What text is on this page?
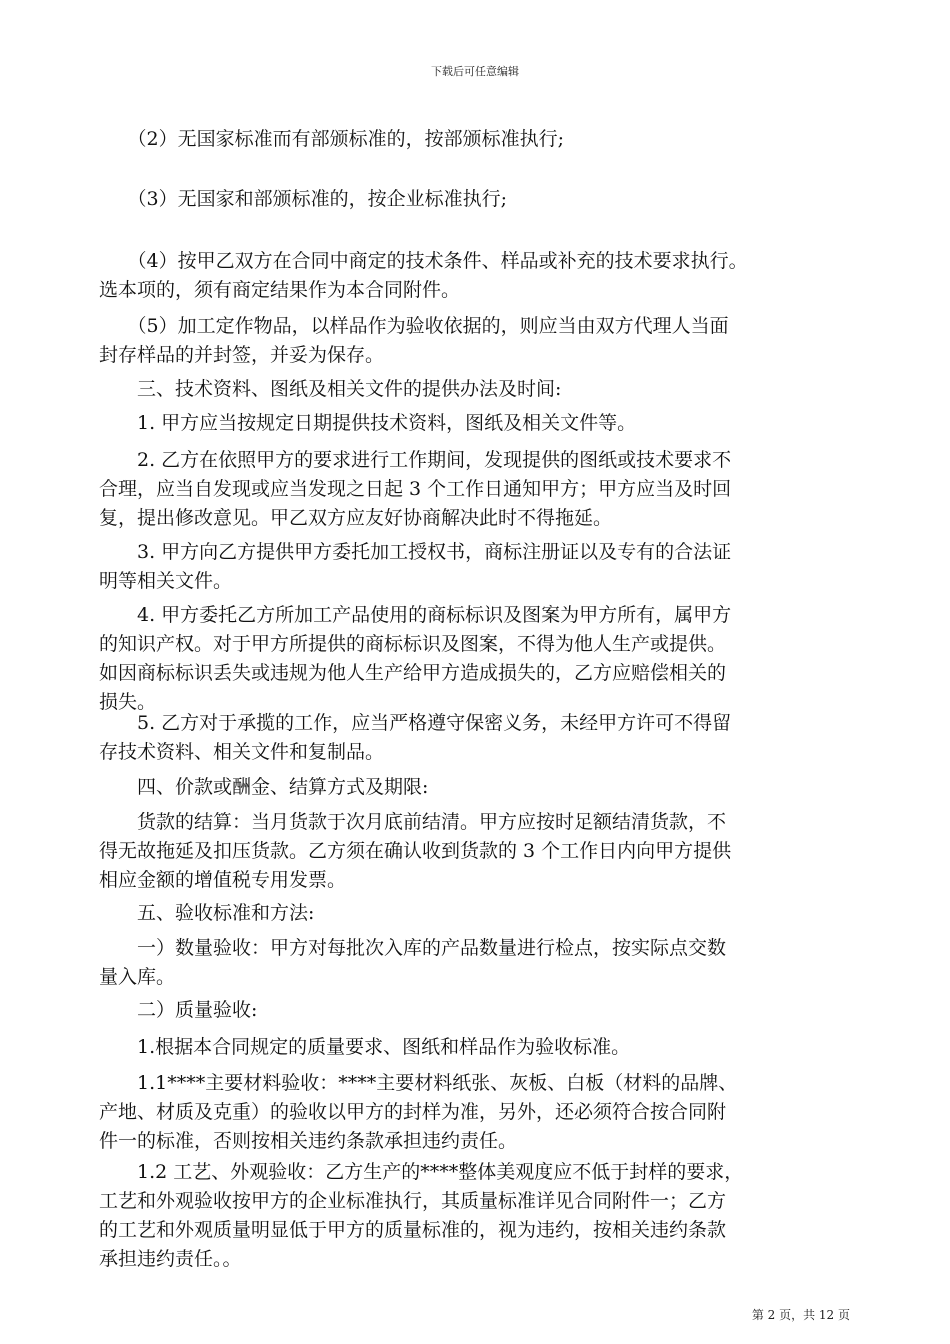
下载后可任意编辑
　　（2）无国家标准而有部颁标准的，按部颁标准执行;
　　（3）无国家和部颁标准的，按企业标准执行;
　　（4）按甲乙双方在合同中商定的技术条件、样品或补充的技术要求执行。
选本项的，须有商定结果作为本合同附件。
　　（5）加工定作物品，以样品作为验收依据的，则应当由双方代理人当面
封存样品的并封签，并妥为保存。
　　三、技术资料、图纸及相关文件的提供办法及时间:
　　1. 甲方应当按规定日期提供技术资料，图纸及相关文件等。
　　2. 乙方在依照甲方的要求进行工作期间，发现提供的图纸或技术要求不
合理，应当自发现或应当发现之日起 3 个工作日通知甲方；甲方应当及时回
复，提出修改意见。甲乙双方应友好协商解决此时不得拖延。
　　3. 甲方向乙方提供甲方委托加工授权书，商标注册证以及专有的合法证
明等相关文件。
　　4. 甲方委托乙方所加工产品使用的商标标识及图案为甲方所有，属甲方
的知识产权。对于甲方所提供的商标标识及图案，不得为他人生产或提供。
如因商标标识丢失或违规为他人生产给甲方造成损失的，乙方应赔偿相关的
损失。
　　5. 乙方对于承揽的工作，应当严格遵守保密义务，未经甲方许可不得留
存技术资料、相关文件和复制品。
　　四、价款或酬金、结算方式及期限:
　　货款的结算：当月货款于次月底前结清。甲方应按时足额结清货款，不
得无故拖延及扣压货款。乙方须在确认收到货款的 3 个工作日内向甲方提供
相应金额的增值税专用发票。
　　五、验收标准和方法:
　　一）数量验收：甲方对每批次入库的产品数量进行检点，按实际点交数
量入库。
　　二）质量验收:
　　1.根据本合同规定的质量要求、图纸和样品作为验收标准。
　　1.1****主要材料验收：****主要材料纸张、灰板、白板（材料的品牌、
产地、材质及克重）的验收以甲方的封样为准，另外，还必须符合按合同附
件一的标准，否则按相关违约条款承担违约责任。
　　1.2 工艺、外观验收：乙方生产的****整体美观度应不低于封样的要求，
工艺和外观验收按甲方的企业标准执行，其质量标准详见合同附件一；乙方
的工艺和外观质量明显低于甲方的质量标准的，视为违约，按相关违约条款
承担违约责任。。
第 2 页，共 12 页
